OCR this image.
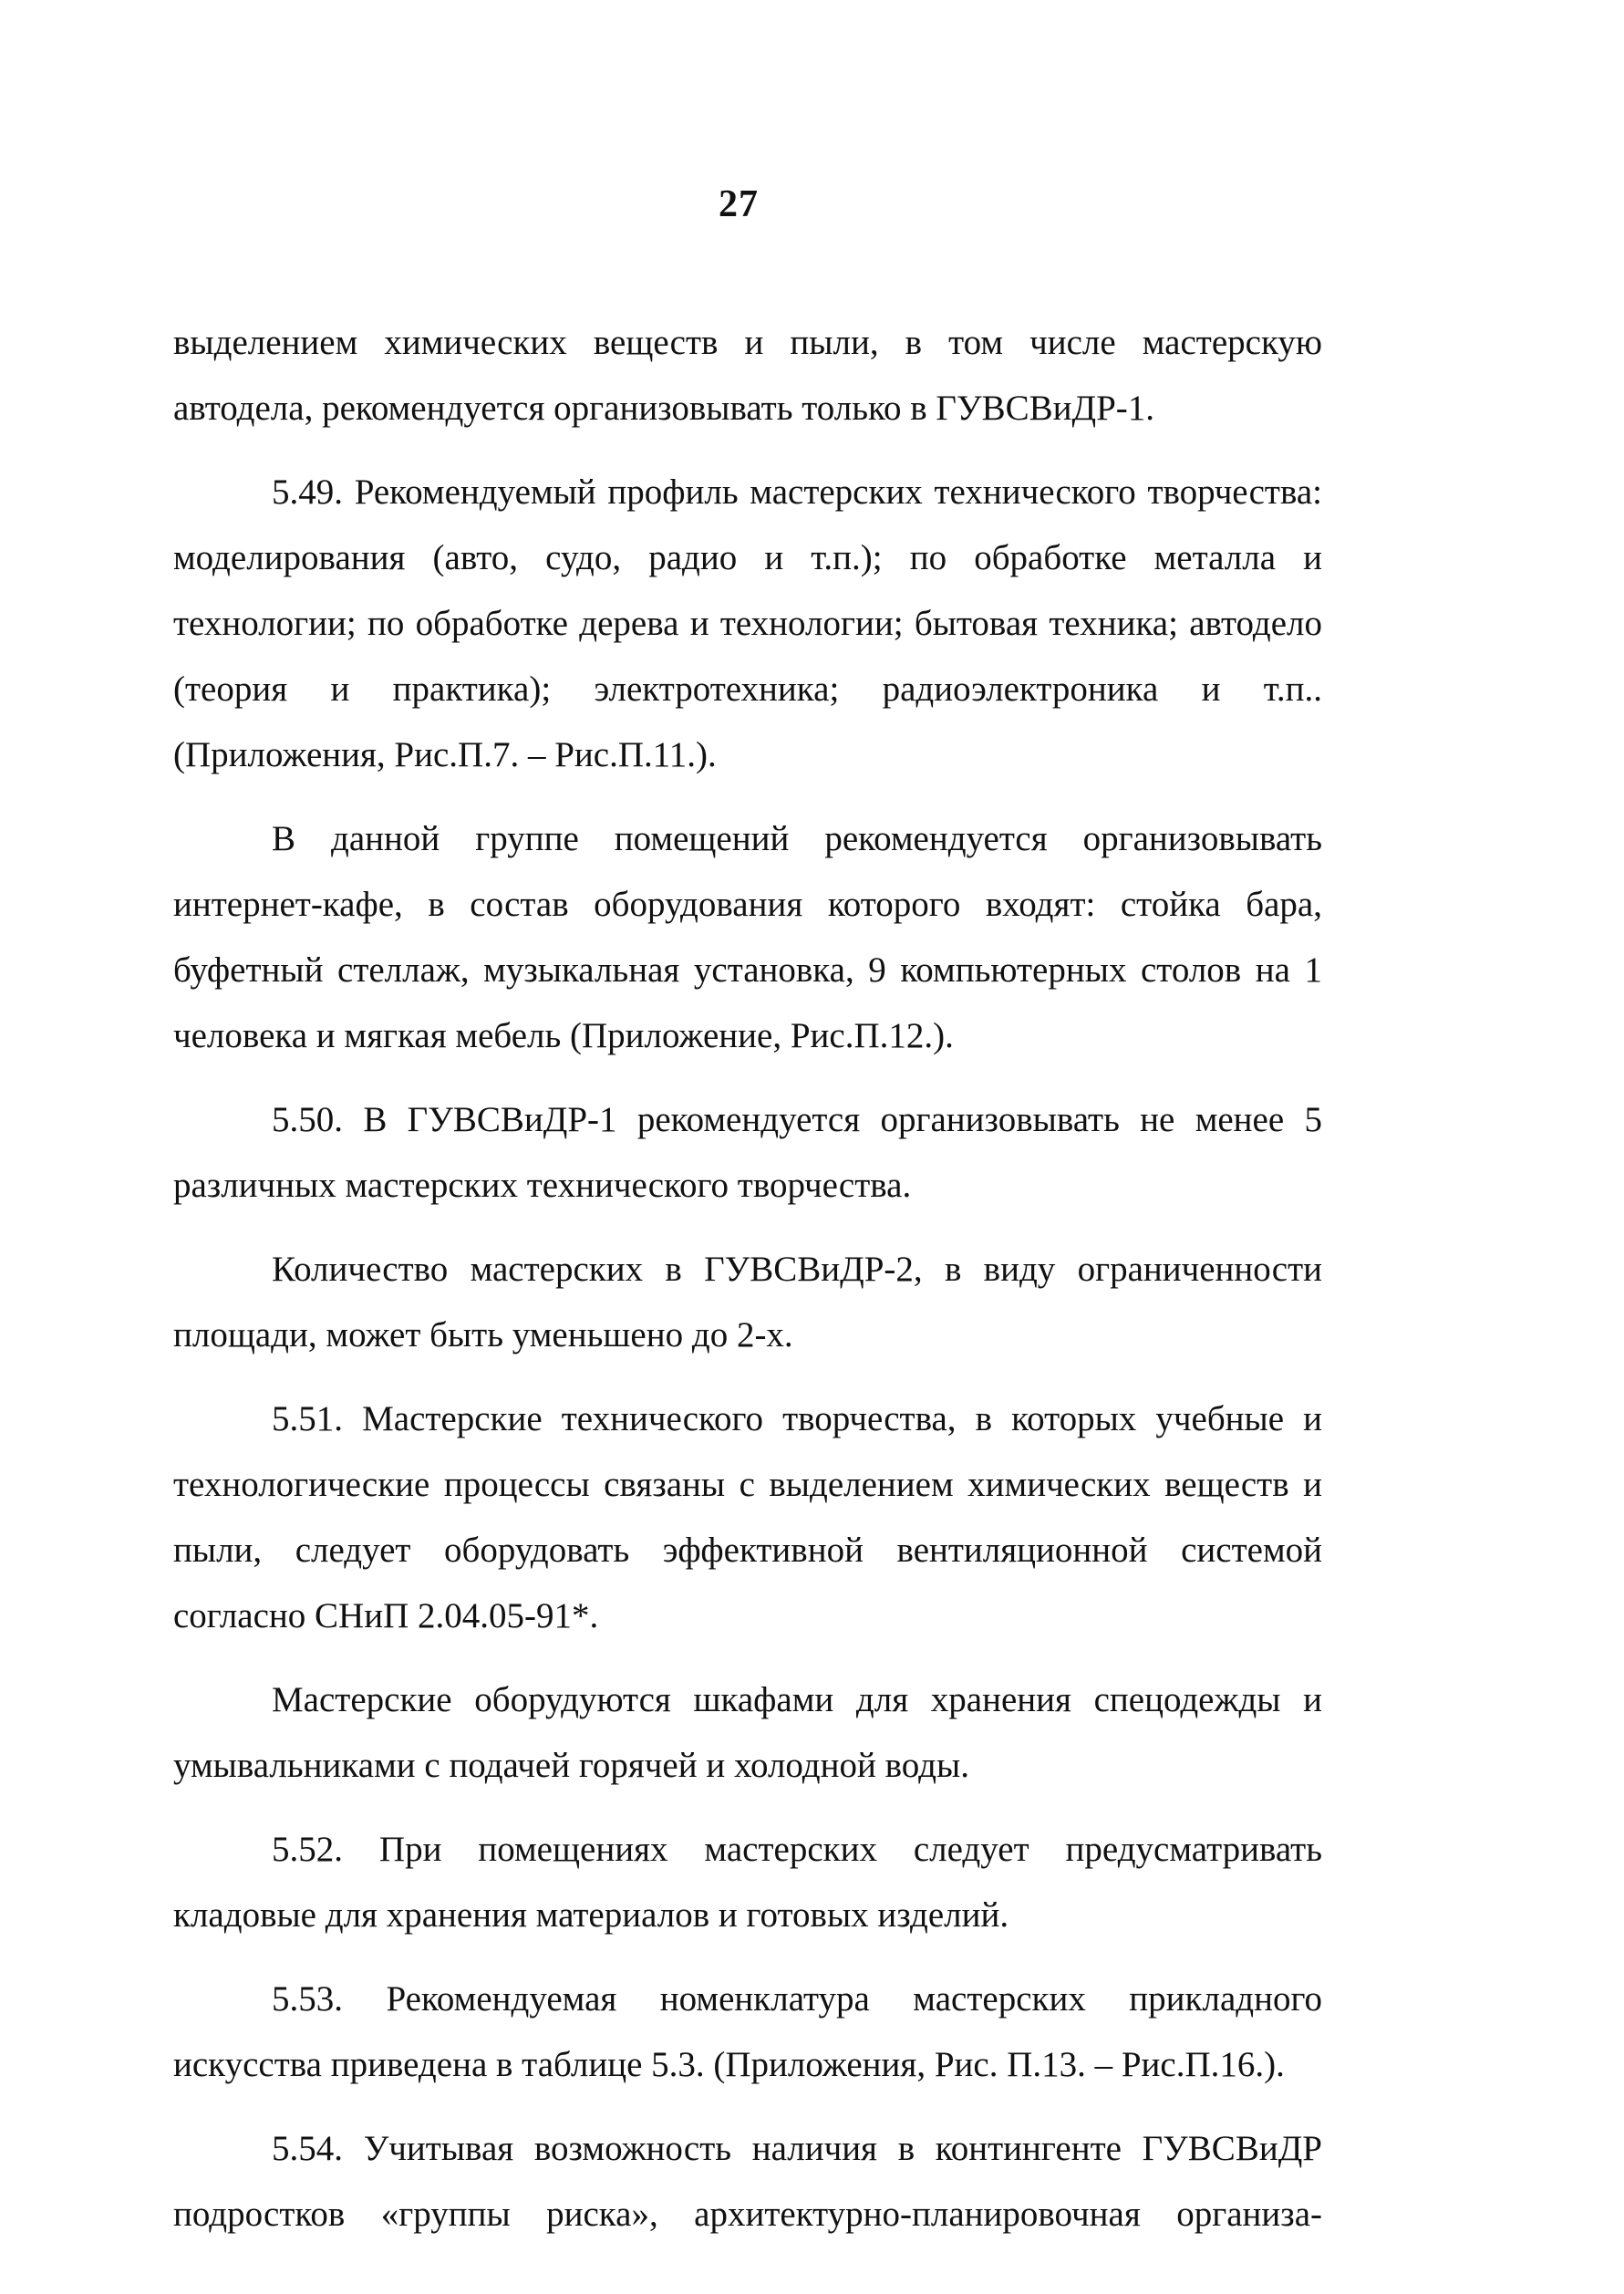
27

выделением химических веществ и пыли, в том числе мастерскую автодела, рекомендуется организовывать только в ГУВСВиДР-1.

5.49. Рекомендуемый профиль мастерских технического творчества: моделирования (авто, судо, радио и т.п.); по обработке металла и технологии; по обработке дерева и технологии; бытовая техника; автодело (теория и практика); электротехника; радиоэлектроника и т.п..(Приложения, Рис.П.7. – Рис.П.11.).

В данной группе помещений рекомендуется организовывать интернет-кафе, в состав оборудования которого входят: стойка бара, буфетный стеллаж, музыкальная установка, 9 компьютерных столов на 1 человека и мягкая мебель (Приложение, Рис.П.12.).

5.50. В ГУВСВиДР-1 рекомендуется организовывать не менее 5 различных мастерских технического творчества.

Количество мастерских в ГУВСВиДР-2, в виду ограниченности площади, может быть уменьшено до 2-х.

5.51. Мастерские технического творчества, в которых учебные и технологические процессы связаны с выделением химических веществ и пыли, следует оборудовать эффективной вентиляционной системой согласно СНиП 2.04.05-91*.

Мастерские оборудуются шкафами для хранения спецодежды и умывальниками с подачей горячей и холодной воды.

5.52. При помещениях мастерских следует предусматривать кладовые для хранения материалов и готовых изделий.

5.53. Рекомендуемая номенклатура мастерских прикладного искусства приведена в таблице 5.3. (Приложения, Рис. П.13. – Рис.П.16.).

5.54. Учитывая возможность наличия в контингенте ГУВСВиДР подростков «группы риска», архитектурно-планировочная организа-
